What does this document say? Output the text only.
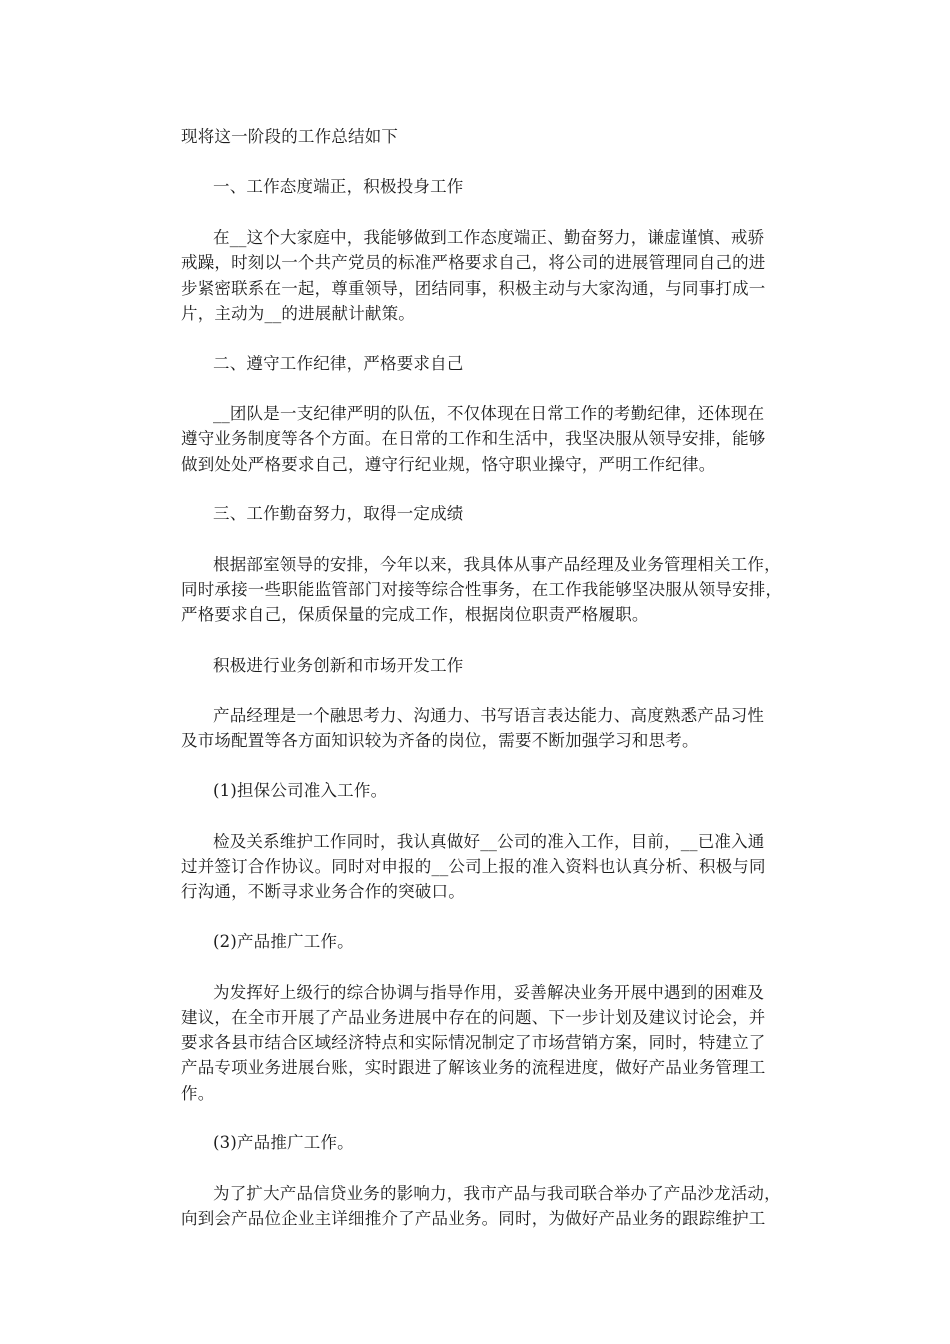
现将这一阶段的工作总结如下
一、工作态度端正，积极投身工作
在__这个大家庭中，我能够做到工作态度端正、勤奋努力，谦虚谨慎、戒骄
戒躁，时刻以一个共产党员的标准严格要求自己，将公司的进展管理同自己的进
步紧密联系在一起，尊重领导，团结同事，积极主动与大家沟通，与同事打成一
片，主动为__的进展献计献策。
二、遵守工作纪律，严格要求自己
__团队是一支纪律严明的队伍，不仅体现在日常工作的考勤纪律，还体现在
遵守业务制度等各个方面。在日常的工作和生活中，我坚决服从领导安排，能够
做到处处严格要求自己，遵守行纪业规，恪守职业操守，严明工作纪律。
三、工作勤奋努力，取得一定成绩
根据部室领导的安排，今年以来，我具体从事产品经理及业务管理相关工作，
同时承接一些职能监管部门对接等综合性事务，在工作我能够坚决服从领导安排，
严格要求自己，保质保量的完成工作，根据岗位职责严格履职。
积极进行业务创新和市场开发工作
产品经理是一个融思考力、沟通力、书写语言表达能力、高度熟悉产品习性
及市场配置等各方面知识较为齐备的岗位，需要不断加强学习和思考。
(1)担保公司准入工作。
检及关系维护工作同时，我认真做好__公司的准入工作，目前，__已准入通
过并签订合作协议。同时对申报的__公司上报的准入资料也认真分析、积极与同
行沟通，不断寻求业务合作的突破口。
(2)产品推广工作。
为发挥好上级行的综合协调与指导作用，妥善解决业务开展中遇到的困难及
建议，在全市开展了产品业务进展中存在的问题、下一步计划及建议讨论会，并
要求各县市结合区域经济特点和实际情况制定了市场营销方案，同时，特建立了
产品专项业务进展台账，实时跟进了解该业务的流程进度，做好产品业务管理工
作。
(3)产品推广工作。
为了扩大产品信贷业务的影响力，我市产品与我司联合举办了产品沙龙活动，
向到会产品位企业主详细推介了产品业务。同时，为做好产品业务的跟踪维护工
